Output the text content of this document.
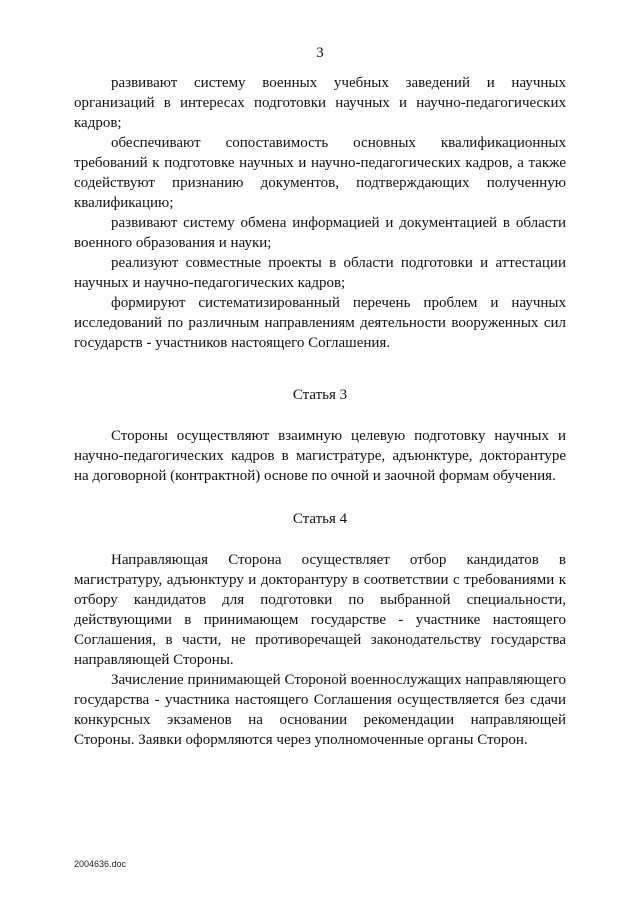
3

развивают систему военных учебных заведений и научных организаций в интересах подготовки научных и научно-педагогических кадров;

обеспечивают сопоставимость основных квалификационных требований к подготовке научных и научно-педагогических кадров, а также содействуют признанию документов, подтверждающих полученную квалификацию;

развивают систему обмена информацией и документацией в области военного образования и науки;

реализуют совместные проекты в области подготовки и аттестации научных и научно-педагогических кадров;

формируют систематизированный перечень проблем и научных исследований по различным направлениям деятельности вооруженных сил государств - участников настоящего Соглашения.

Статья 3

Стороны осуществляют взаимную целевую подготовку научных и научно-педагогических кадров в магистратуре, адъюнктуре, докторантуре на договорной (контрактной) основе по очной и заочной формам обучения.

Статья 4

Направляющая Сторона осуществляет отбор кандидатов в магистратуру, адъюнктуру и докторантуру в соответствии с требованиями к отбору кандидатов для подготовки по выбранной специальности, действующими в принимающем государстве - участнике настоящего Соглашения, в части, не противоречащей законодательству государства направляющей Стороны.

Зачисление принимающей Стороной военнослужащих направляющего государства - участника настоящего Соглашения осуществляется без сдачи конкурсных экзаменов на основании рекомендации направляющей Стороны. Заявки оформляются через уполномоченные органы Сторон.

2004636.doc
